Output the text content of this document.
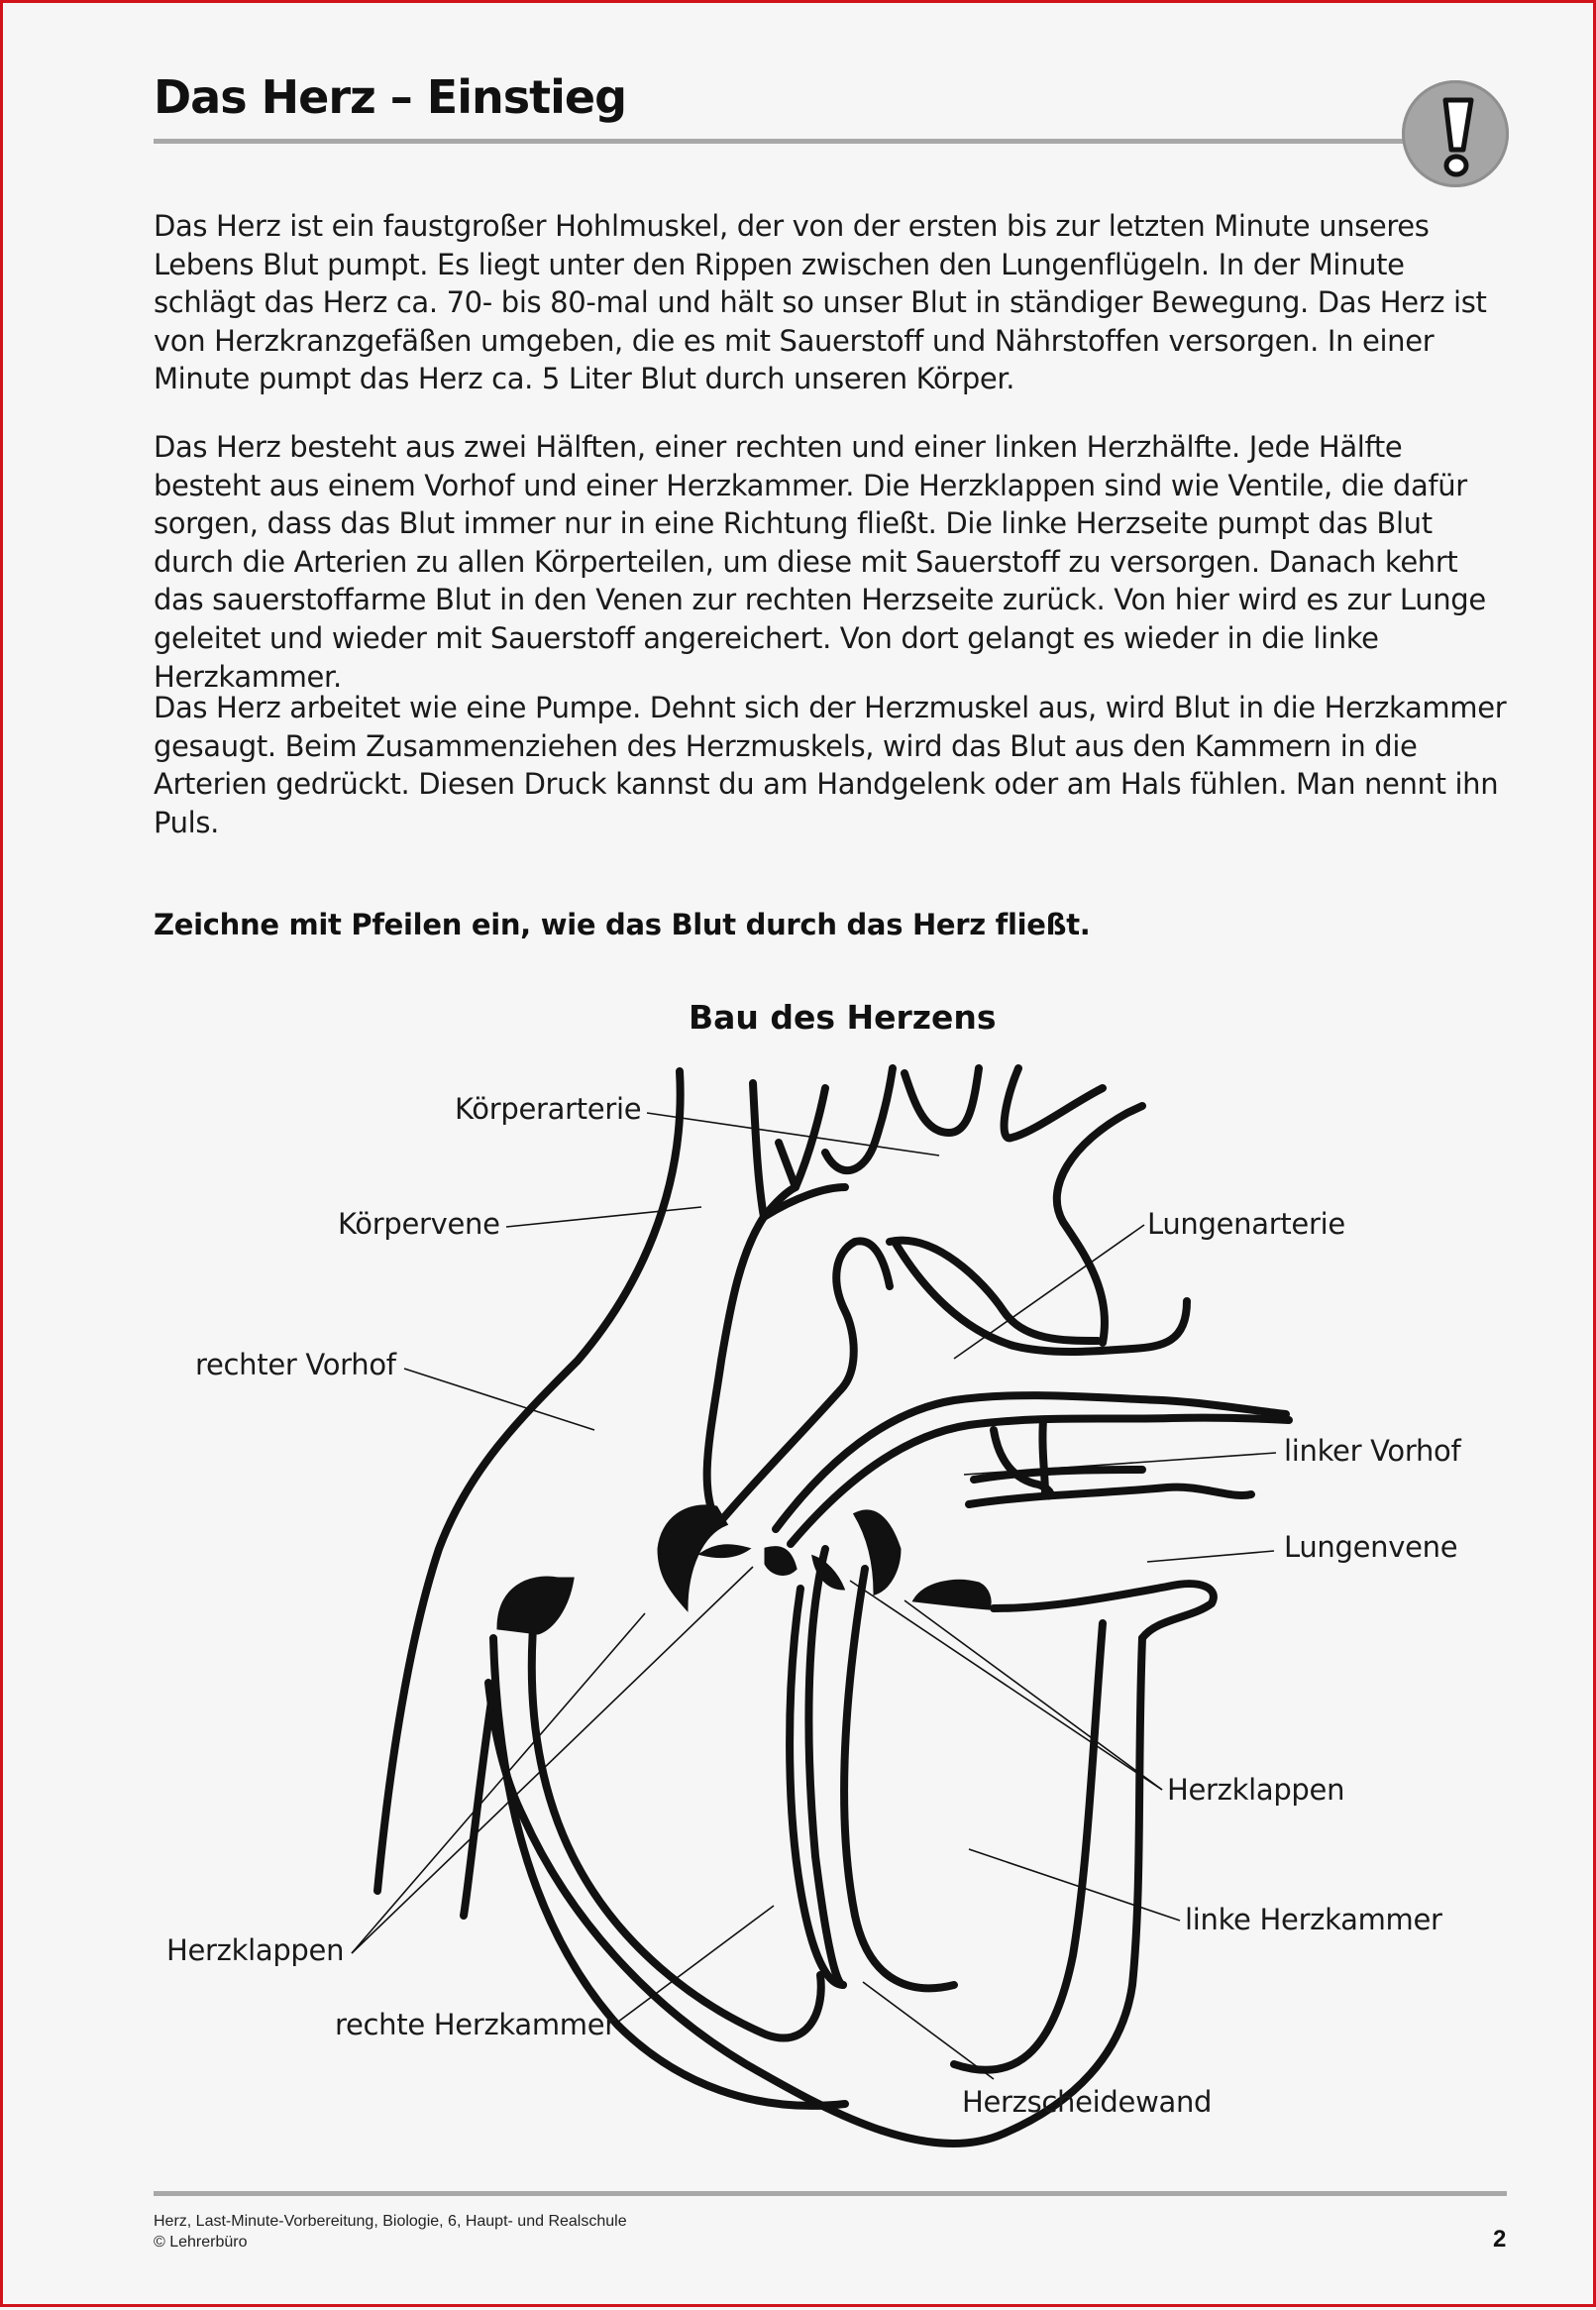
Das Herz – Einstieg

Das Herz ist ein faustgroßer Hohlmuskel, der von der ersten bis zur letzten Minute unseres Lebens Blut pumpt. Es liegt unter den Rippen zwischen den Lungenflügeln. In der Minute schlägt das Herz ca. 70- bis 80-mal und hält so unser Blut in ständiger Bewegung. Das Herz ist von Herzkranzgefäßen umgeben, die es mit Sauerstoff und Nährstoffen versorgen. In einer Minute pumpt das Herz ca. 5 Liter Blut durch unseren Körper.

Das Herz besteht aus zwei Hälften, einer rechten und einer linken Herzhälfte. Jede Hälfte besteht aus einem Vorhof und einer Herzkammer. Die Herzklappen sind wie Ventile, die dafür sorgen, dass das Blut immer nur in eine Richtung fließt. Die linke Herzseite pumpt das Blut durch die Arterien zu allen Körperteilen, um diese mit Sauerstoff zu versorgen. Danach kehrt das sauerstoffarme Blut in den Venen zur rechten Herzseite zurück. Von hier wird es zur Lunge geleitet und wieder mit Sauerstoff angereichert. Von dort gelangt es wieder in die linke Herzkammer.

Das Herz arbeitet wie eine Pumpe. Dehnt sich der Herzmuskel aus, wird Blut in die Herzkammer gesaugt. Beim Zusammenziehen des Herzmuskels, wird das Blut aus den Kammern in die Arterien gedrückt. Diesen Druck kannst du am Handgelenk oder am Hals fühlen. Man nennt ihn Puls.

Zeichne mit Pfeilen ein, wie das Blut durch das Herz fließt.

Bau des Herzens
Körperarterie
Körpervene
rechter Vorhof
Herzklappen
rechte Herzkammer
Lungenarterie
linker Vorhof
Lungenvene
Herzklappen
linke Herzkammer
Herzscheidewand
Herz, Last-Minute-Vorbereitung, Biologie, 6, Haupt- und Realschule
© Lehrerbüro	2
